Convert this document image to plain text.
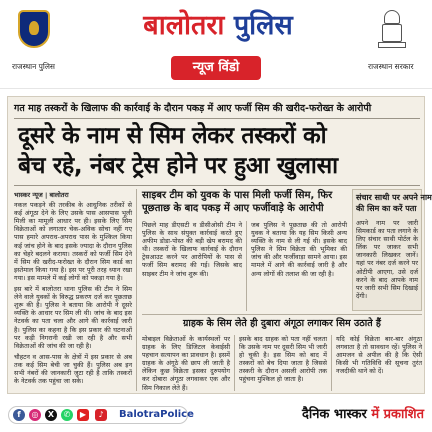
राजस्थान पुलिस
बालोतरा पुलिस
न्यूज विंडो	राजस्थान सरकार
गत माह तस्करों के खिलाफ की कार्रवाई के दौरान पकड़ में आए फर्जी सिम की खरीद-फरोख्त के आरोपी
दूसरे के नाम से सिम लेकर तस्करों को
बेच रहे, नंबर ट्रेस होने पर हुआ खुलासा

भास्कर न्यूज | बालोतरा

नकल पकड़ने की तरकीब के आधुनिक तरीकों से कई अंगूठा देने के लिए उसके पास आसपास भूली मिली का मामूली आधार पर ही। इसके लिए सिम विक्रेताओं को लगातार चेक-अविक सोचा नहीं गए पास हमारे अपराध-अपराध पास के मुश्किल किया कई जांच होने के बाद इसके ज्यादा के दौरान पुलिस का चेहरे बदलने कराया। तस्करों को फर्जी सिम देने में सिम की खरीद-फरोख्त के दौरान सिम कार्ड का इस्तेमाल किया गया है। इस पर पूरी तरह ध्यान रखा गया। इस मामले में कई लोगों को पकड़ा गया है।

इस बारे में बालोतरा थाना पुलिस की टीम ने सिम लेने वाले युवकों के विरुद्ध प्रकरण दर्ज कर पूछताछ शुरू की है। पुलिस ने बताया कि आरोपी ने दूसरे व्यक्ति के आधार पर सिम ली थी। जांच के बाद इस नेटवर्क का पता चला और आगे की कार्रवाई जारी है। पुलिस का कहना है कि इस प्रकार की घटनाओं पर कड़ी निगरानी रखी जा रही है और सभी विक्रेताओं की जांच की जा रही है।

चौहटन व आस-पास के क्षेत्रों में इस प्रकार से अब तक कई सिम बेची जा चुकी हैं। पुलिस अब इन सभी नंबरों की जानकारी जुटा रही है ताकि तस्करों के नेटवर्क तक पहुंचा जा सके।

साइबर टीम को युवक के पास मिली फर्जी सिम, फिर
पूछताछ के बाद पकड़ में आए फर्जीवाड़े के आरोपी

पिछले माह डीएसटी व डीसीओसी टीम ने पुलिस के साथ संयुक्त कार्रवाई करते हुए अफीम डोडा-पोस्त की बड़ी खेप बरामद की थी। तस्करों के खिलाफ कार्रवाई के दौरान ट्रेसआउट करने पर आरोपियों के पास से फर्जी सिम बरामद की गई। जिसके बाद साइबर टीम ने जांच शुरू की।

जब पुलिस ने पूछताछ की तो आरोपी युवक ने बताया कि यह सिम किसी अन्य व्यक्ति के नाम से ली गई थी। इसके बाद पुलिस ने सिम विक्रेता की भूमिका की जांच की और फर्जीवाड़ा सामने आया। इस मामले में आगे की कार्रवाई जारी है और अन्य लोगों की तलाश की जा रही है।

संचार साथी पर अपने नाम
की सिम का करें पता

अपने नाम पर जारी सिमकार्ड का पता लगाने के लिए संचार साथी पोर्टल के लिंक पर जाकर सभी जानकारी लिखकर जानें। यहां पर नंबर दर्ज करने पर ओटीपी आएगा, उसे दर्ज करने के बाद आपके नाम पर जारी सभी सिम दिखाई देंगी।

ग्राहक के सिम लेते ही दुबारा अंगूठा लगाकर सिम उठाते हैं

मोबाइल विक्रेताओं के कार्यस्थलों पर ग्राहक के लिए डिजिटल केवाईसी पहचान सत्यापन का प्रावधान है। इसमें ग्राहक के अंगूठे की छाप ली जाती है लेकिन कुछ विक्रेता इसका दुरुपयोग कर दोबारा अंगूठा लगवाकर एक और सिम निकाल लेते हैं।

इसके बाद ग्राहक को पता नहीं चलता कि उसके नाम पर दूसरी सिम भी जारी हो चुकी है। इस सिम को बाद में तस्करों को बेच दिया जाता है जिससे तस्करी के दौरान असली आरोपी तक पहुंचना मुश्किल हो जाता है।

यदि कोई विक्रेता बार-बार अंगूठा लगवाता है तो सावधान रहें। पुलिस ने आमजन से अपील की है कि ऐसी किसी भी गतिविधि की सूचना तुरंत नजदीकी थाने को दें।

f	◎	X	✆	▶	♪	BalotraPolice	दैनिक भास्कर में प्रकाशित
